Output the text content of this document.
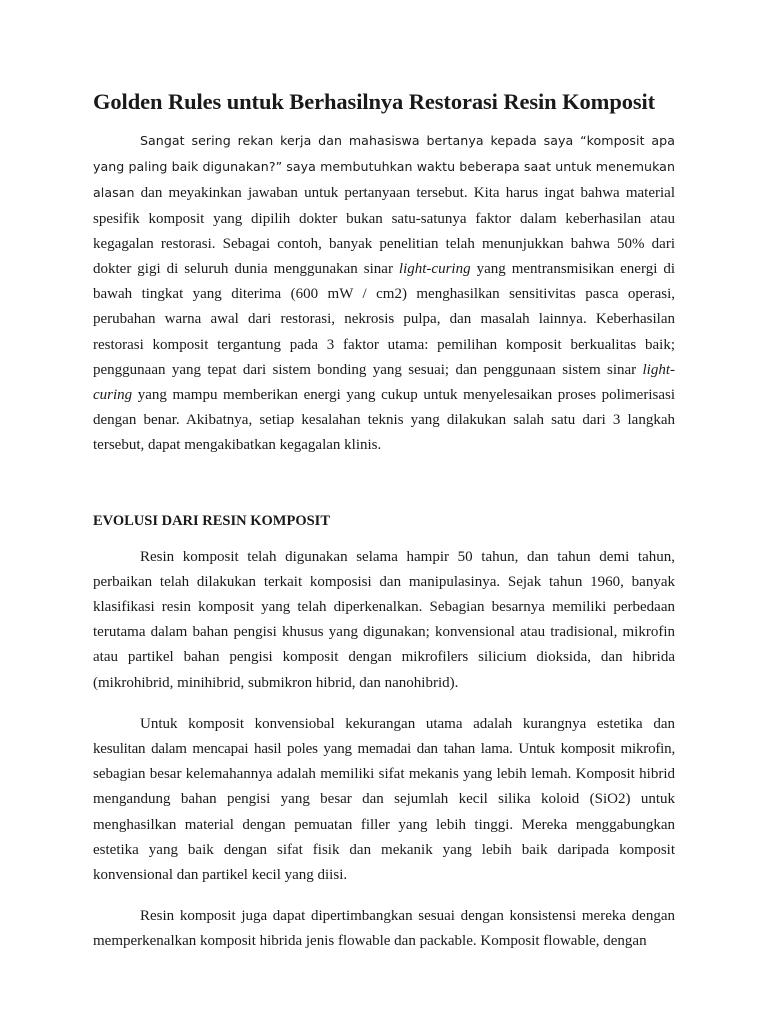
Golden Rules untuk Berhasilnya Restorasi Resin Komposit

Sangat sering rekan kerja dan mahasiswa bertanya kepada saya “komposit apa yang paling baik digunakan?” saya membutuhkan waktu beberapa saat untuk menemukan alasan dan meyakinkan jawaban untuk pertanyaan tersebut. Kita harus ingat bahwa material spesifik komposit yang dipilih dokter bukan satu-satunya faktor dalam keberhasilan atau kegagalan restorasi. Sebagai contoh, banyak penelitian telah menunjukkan bahwa 50% dari dokter gigi di seluruh dunia menggunakan sinar light-curing yang mentransmisikan energi di bawah tingkat yang diterima (600 mW / cm2) menghasilkan sensitivitas pasca operasi, perubahan warna awal dari restorasi, nekrosis pulpa, dan masalah lainnya. Keberhasilan restorasi komposit tergantung pada 3 faktor utama: pemilihan komposit berkualitas baik; penggunaan yang tepat dari sistem bonding yang sesuai; dan penggunaan sistem sinar light-curing yang mampu memberikan energi yang cukup untuk menyelesaikan proses polimerisasi dengan benar. Akibatnya, setiap kesalahan teknis yang dilakukan salah satu dari 3 langkah tersebut, dapat mengakibatkan kegagalan klinis.

EVOLUSI DARI RESIN KOMPOSIT

Resin komposit telah digunakan selama hampir 50 tahun, dan tahun demi tahun, perbaikan telah dilakukan terkait komposisi dan manipulasinya. Sejak tahun 1960, banyak klasifikasi resin komposit yang telah diperkenalkan. Sebagian besarnya memiliki perbedaan terutama dalam bahan pengisi khusus yang digunakan; konvensional atau tradisional, mikrofin atau partikel bahan pengisi komposit dengan mikrofilers silicium dioksida, dan hibrida (mikrohibrid, minihibrid, submikron hibrid, dan nanohibrid).

Untuk komposit konvensiobal kekurangan utama adalah kurangnya estetika dan kesulitan dalam mencapai hasil poles yang memadai dan tahan lama. Untuk komposit mikrofin, sebagian besar kelemahannya adalah memiliki sifat mekanis yang lebih lemah. Komposit hibrid mengandung bahan pengisi yang besar dan sejumlah kecil silika koloid (SiO2) untuk menghasilkan material dengan pemuatan filler yang lebih tinggi. Mereka menggabungkan estetika yang baik dengan sifat fisik dan mekanik yang lebih baik daripada komposit konvensional dan partikel kecil yang diisi.

Resin komposit juga dapat dipertimbangkan sesuai dengan konsistensi mereka dengan memperkenalkan komposit hibrida jenis flowable dan packable. Komposit flowable, dengan
